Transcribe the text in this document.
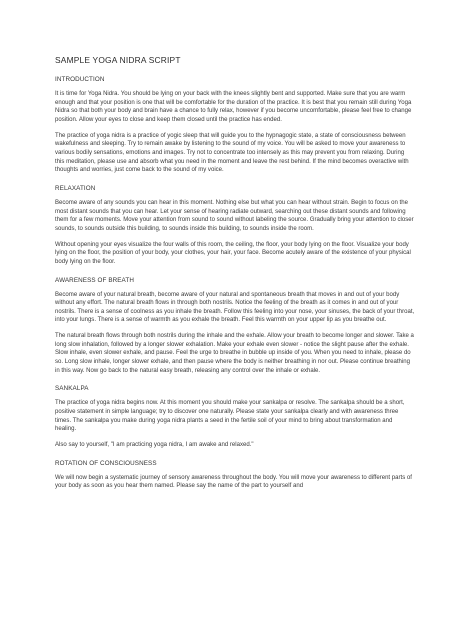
SAMPLE YOGA NIDRA SCRIPT
INTRODUCTION

It is time for Yoga Nidra. You should be lying on your back with the knees slightly bent and supported. Make sure that you are warm enough and that your position is one that will be comfortable for the duration of the practice. It is best that you remain still during Yoga Nidra so that both your body and brain have a chance to fully relax, however if you become uncomfortable, please feel free to change position. Allow your eyes to close and keep them closed until the practice has ended.

The practice of yoga nidra is a practice of yogic sleep that will guide you to the hypnagogic state, a state of consciousness between wakefulness and sleeping. Try to remain awake by listening to the sound of my voice. You will be asked to move your awareness to various bodily sensations, emotions and images. Try not to concentrate too intensely as this may prevent you from relaxing. During this meditation, please use and absorb what you need in the moment and leave the rest behind. If the mind becomes overactive with thoughts and worries, just come back to the sound of my voice.

RELAXATION

Become aware of any sounds you can hear in this moment. Nothing else but what you can hear without strain. Begin to focus on the most distant sounds that you can hear. Let your sense of hearing radiate outward, searching out these distant sounds and following them for a few moments. Move your attention from sound to sound without labeling the source. Gradually bring your attention to closer sounds, to sounds outside this building, to sounds inside this building, to sounds inside the room.

Without opening your eyes visualize the four walls of this room, the ceiling, the floor, your body lying on the floor. Visualize your body lying on the floor, the position of your body, your clothes, your hair, your face. Become acutely aware of the existence of your physical body lying on the floor.

AWARENESS OF BREATH

Become aware of your natural breath, become aware of your natural and spontaneous breath that moves in and out of your body without any effort. The natural breath flows in through both nostrils. Notice the feeling of the breath as it comes in and out of your nostrils. There is a sense of coolness as you inhale the breath. Follow this feeling into your nose, your sinuses, the back of your throat, into your lungs. There is a sense of warmth as you exhale the breath. Feel this warmth on your upper lip as you breathe out.

The natural breath flows through both nostrils during the inhale and the exhale. Allow your breath to become longer and slower. Take a long slow inhalation, followed by a longer slower exhalation. Make your exhale even slower - notice the slight pause after the exhale. Slow inhale, even slower exhale, and pause. Feel the urge to breathe in bubble up inside of you. When you need to inhale, please do so. Long slow inhale, longer slower exhale, and then pause where the body is neither breathing in nor out. Please continue breathing in this way. Now go back to the natural easy breath, releasing any control over the inhale or exhale.

SANKALPA

The practice of yoga nidra begins now. At this moment you should make your sankalpa or resolve. The sankalpa should be a short, positive statement in simple language; try to discover one naturally. Please state your sankalpa clearly and with awareness three times. The sankalpa you make during yoga nidra plants a seed in the fertile soil of your mind to bring about transformation and healing.

Also say to yourself, "I am practicing yoga nidra, I am awake and relaxed."

ROTATION OF CONSCIOUSNESS

We will now begin a systematic journey of sensory awareness throughout the body. You will move your awareness to different parts of your body as soon as you hear them named. Please say the name of the part to yourself and
